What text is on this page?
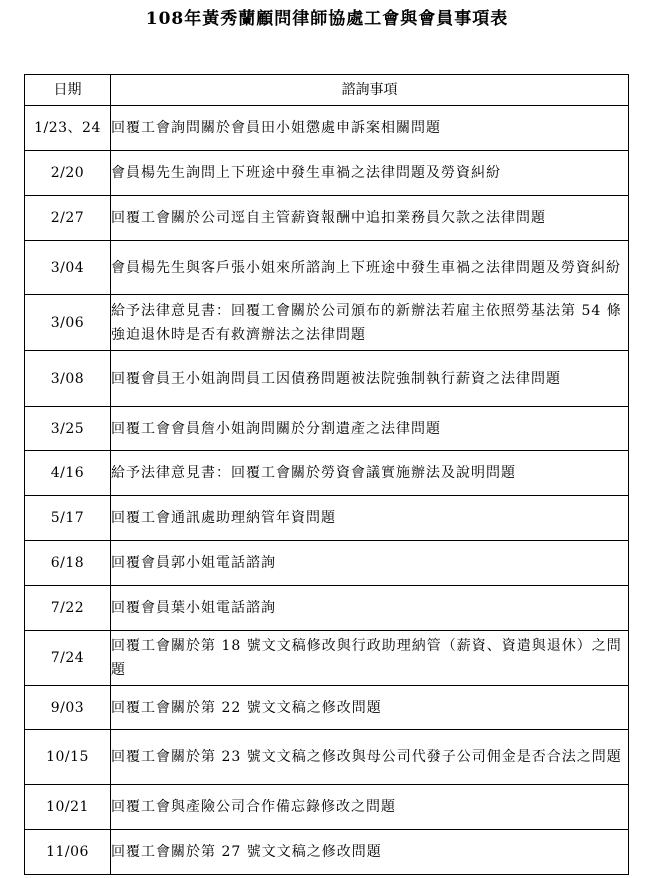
108年黃秀蘭顧問律師協處工會與會員事項表
日期	諮詢事項
1/23、24	回覆工會詢問關於會員田小姐懲處申訴案相關問題
2/20	會員楊先生詢問上下班途中發生車禍之法律問題及勞資糾紛
2/27	回覆工會關於公司逕自主管薪資報酬中追扣業務員欠款之法律問題
3/04	會員楊先生與客戶張小姐來所諮詢上下班途中發生車禍之法律問題及勞資糾紛
3/06	給予法律意見書：回覆工會關於公司頒布的新辦法若雇主依照勞基法第 54 條強迫退休時是否有救濟辦法之法律問題
3/08	回覆會員王小姐詢問員工因債務問題被法院強制執行薪資之法律問題
3/25	回覆工會會員詹小姐詢問關於分割遺產之法律問題
4/16	給予法律意見書：回覆工會關於勞資會議實施辦法及說明問題
5/17	回覆工會通訊處助理納管年資問題
6/18	回覆會員郭小姐電話諮詢
7/22	回覆會員葉小姐電話諮詢
7/24	回覆工會關於第 18 號文文稿修改與行政助理納管（薪資、資遣與退休）之問題
9/03	回覆工會關於第 22 號文文稿之修改問題
10/15	回覆工會關於第 23 號文文稿之修改與母公司代發子公司佣金是否合法之問題
10/21	回覆工會與產險公司合作備忘錄修改之問題
11/06	回覆工會關於第 27 號文文稿之修改問題
